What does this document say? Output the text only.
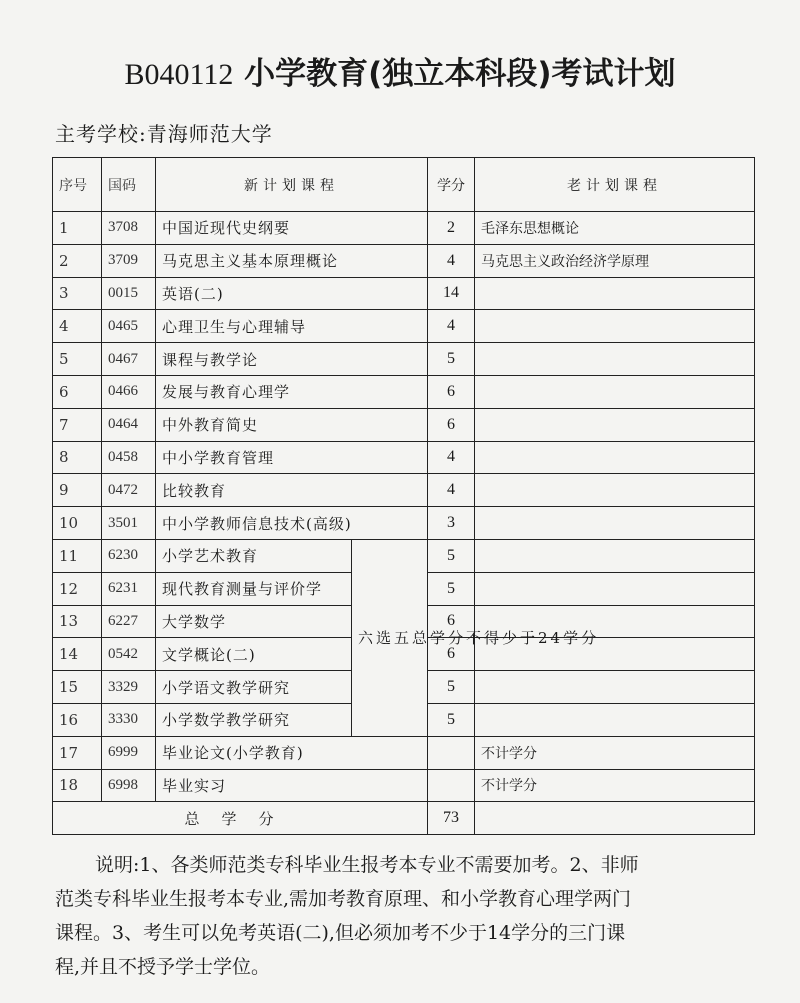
B040112 小学教育(独立本科段)考试计划
主考学校:青海师范大学
序号	国码	新计划课程		学分	老计划课程
1	3708	中国近现代史纲要		2	毛泽东思想概论
2	3709	马克思主义基本原理概论		4	马克思主义政治经济学原理
3	0015	英语(二)		14	
4	0465	心理卫生与心理辅导		4	
5	0467	课程与教学论		5	
6	0466	发展与教育心理学		6	
7	0464	中外教育简史		6	
8	0458	中小学教育管理		4	
9	0472	比较教育		4	
10	3501	中小学教师信息技术(高级)		3	
11	6230	小学艺术教育	六选五总学分不得少于24学分	5	
12	6231	现代教育测量与评价学		5	
13	6227	大学数学		6	
14	0542	文学概论(二)		6	
15	3329	小学语文教学研究		5	
16	3330	小学数学教学研究		5	
17	6999	毕业论文(小学教育)			不计学分
18	6998	毕业实习			不计学分
总学分				73	

说明:1、各类师范类专科毕业生报考本专业不需要加考。2、非师

范类专科毕业生报考本专业,需加考教育原理、和小学教育心理学两门

课程。3、考生可以免考英语(二),但必须加考不少于14学分的三门课

程,并且不授予学士学位。
